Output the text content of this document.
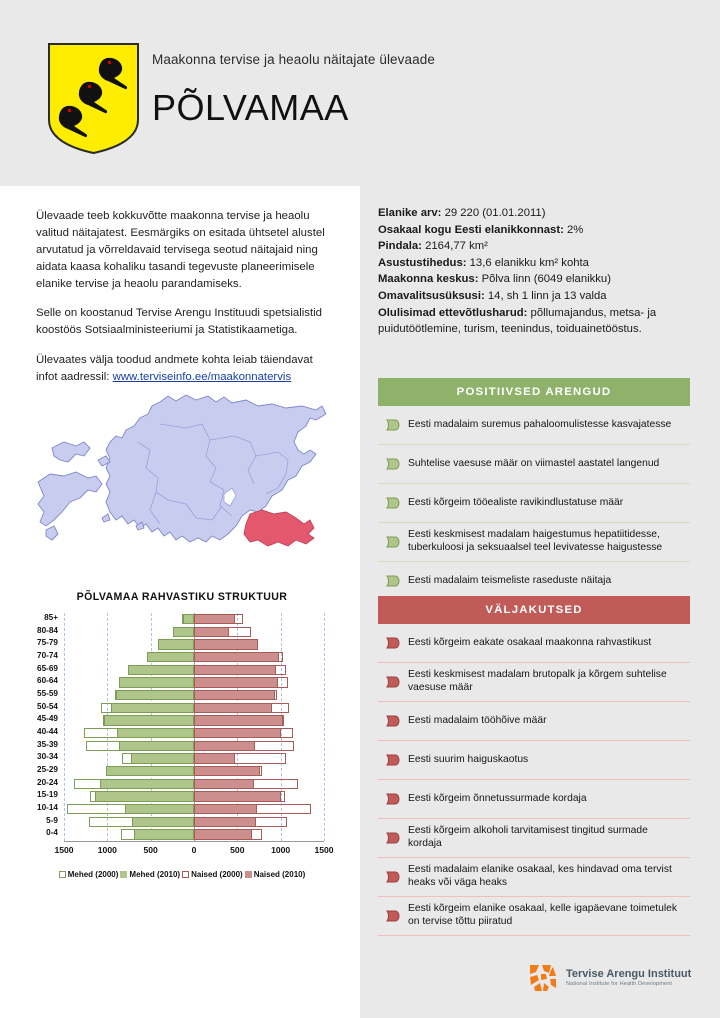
Maakonna tervise ja heaolu näitajate ülevaade
PÕLVAMAA

Ülevaade teeb kokkuvõtte maakonna tervise ja heaolu valitud näitajatest. Eesmärgiks on esitada ühtsetel alustel arvutatud ja võrreldavaid tervisega seotud näitajaid ning aidata kaasa kohaliku tasandi tegevuste planeerimisele elanike tervise ja heaolu parandamiseks.

Selle on koostanud Tervise Arengu Instituudi spetsialistid koostöös Sotsiaalministeeriumi ja Statistikaametiga.

Ülevaates välja toodud andmete kohta leiab täiendavat infot aadressil: www.terviseinfo.ee/maakonnatervis

PÕLVAMAA RAHVASTIKU STRUKTUUR
85+
80-84
75-79
70-74
65-69
60-64
55-59
50-54
45-49
40-44
35-39
30-34
25-29
20-24
15-19
10-14
5-9
0-4
1500	1000	500	0	500	1000	1500
Mehed (2000) Mehed (2010) Naised (2000) Naised (2010)
Elanike arv: 29 220 (01.01.2011)
Osakaal kogu Eesti elanikkonnast: 2%
Pindala: 2164,77 km²
Asustustihedus: 13,6 elanikku km² kohta
Maakonna keskus: Põlva linn (6049 elanikku)
Omavalitsusüksusi: 14, sh 1 linn ja 13 valda
Olulisimad ettevõtlusharud: põllumajandus, metsa- ja puidutöötlemine, turism, teenindus, toiduainetööstus.
POSITIIVSED ARENGUD
Eesti madalaim suremus pahaloomulistesse kasvajatesse
Suhtelise vaesuse määr on viimastel aastatel langenud
Eesti kõrgeim tööealiste ravikindlustatuse määr
Eesti keskmisest madalam haigestumus hepatiitidesse, tuberkuloosi ja seksuaalsel teel levivatesse haigustesse
Eesti madalaim teismeliste raseduste näitaja
VÄLJAKUTSED
Eesti kõrgeim eakate osakaal maakonna rahvastikust
Eesti keskmisest madalam brutopalk ja kõrgem suhtelise vaesuse määr
Eesti madalaim tööhõive määr
Eesti suurim haiguskaotus
Eesti kõrgeim õnnetussurmade kordaja
Eesti kõrgeim alkoholi tarvitamisest tingitud surmade kordaja
Eesti madalaim elanike osakaal, kes hindavad oma tervist heaks või väga heaks
Eesti kõrgeim elanike osakaal, kelle igapäevane toimetulek on tervise tõttu piiratud
Tervise Arengu Instituut
National Institute for Health Development
